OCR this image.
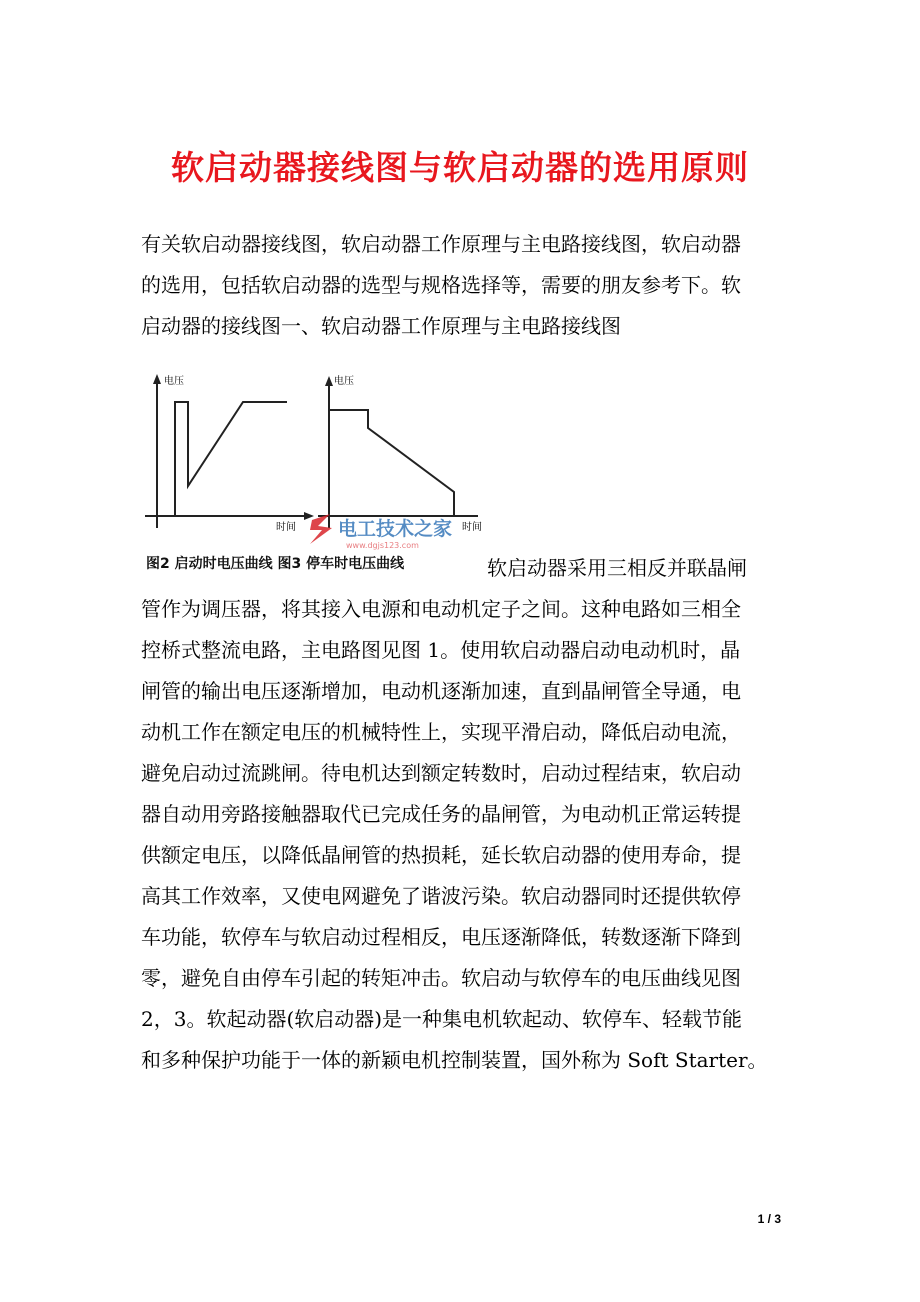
软启动器接线图与软启动器的选用原则
有关软启动器接线图，软启动器工作原理与主电路接线图，软启动器
的选用，包括软启动器的选型与规格选择等，需要的朋友参考下。软
启动器的接线图一、软启动器工作原理与主电路接线图
电压
时间
电压
时间
电工技术之家
www.dgjs123.com
图2 启动时电压曲线 图3 停车时电压曲线	软启动器采用三相反并联晶闸
管作为调压器，将其接入电源和电动机定子之间。这种电路如三相全
控桥式整流电路，主电路图见图 1。使用软启动器启动电动机时，晶
闸管的输出电压逐渐增加，电动机逐渐加速，直到晶闸管全导通，电
动机工作在额定电压的机械特性上，实现平滑启动，降低启动电流，
避免启动过流跳闸。待电机达到额定转数时，启动过程结束，软启动
器自动用旁路接触器取代已完成任务的晶闸管，为电动机正常运转提
供额定电压，以降低晶闸管的热损耗，延长软启动器的使用寿命，提
高其工作效率，又使电网避免了谐波污染。软启动器同时还提供软停
车功能，软停车与软启动过程相反，电压逐渐降低，转数逐渐下降到
零，避免自由停车引起的转矩冲击。软启动与软停车的电压曲线见图
2，3。软起动器(软启动器)是一种集电机软起动、软停车、轻载节能
和多种保护功能于一体的新颖电机控制装置，国外称为 Soft Starter。
1 / 3
